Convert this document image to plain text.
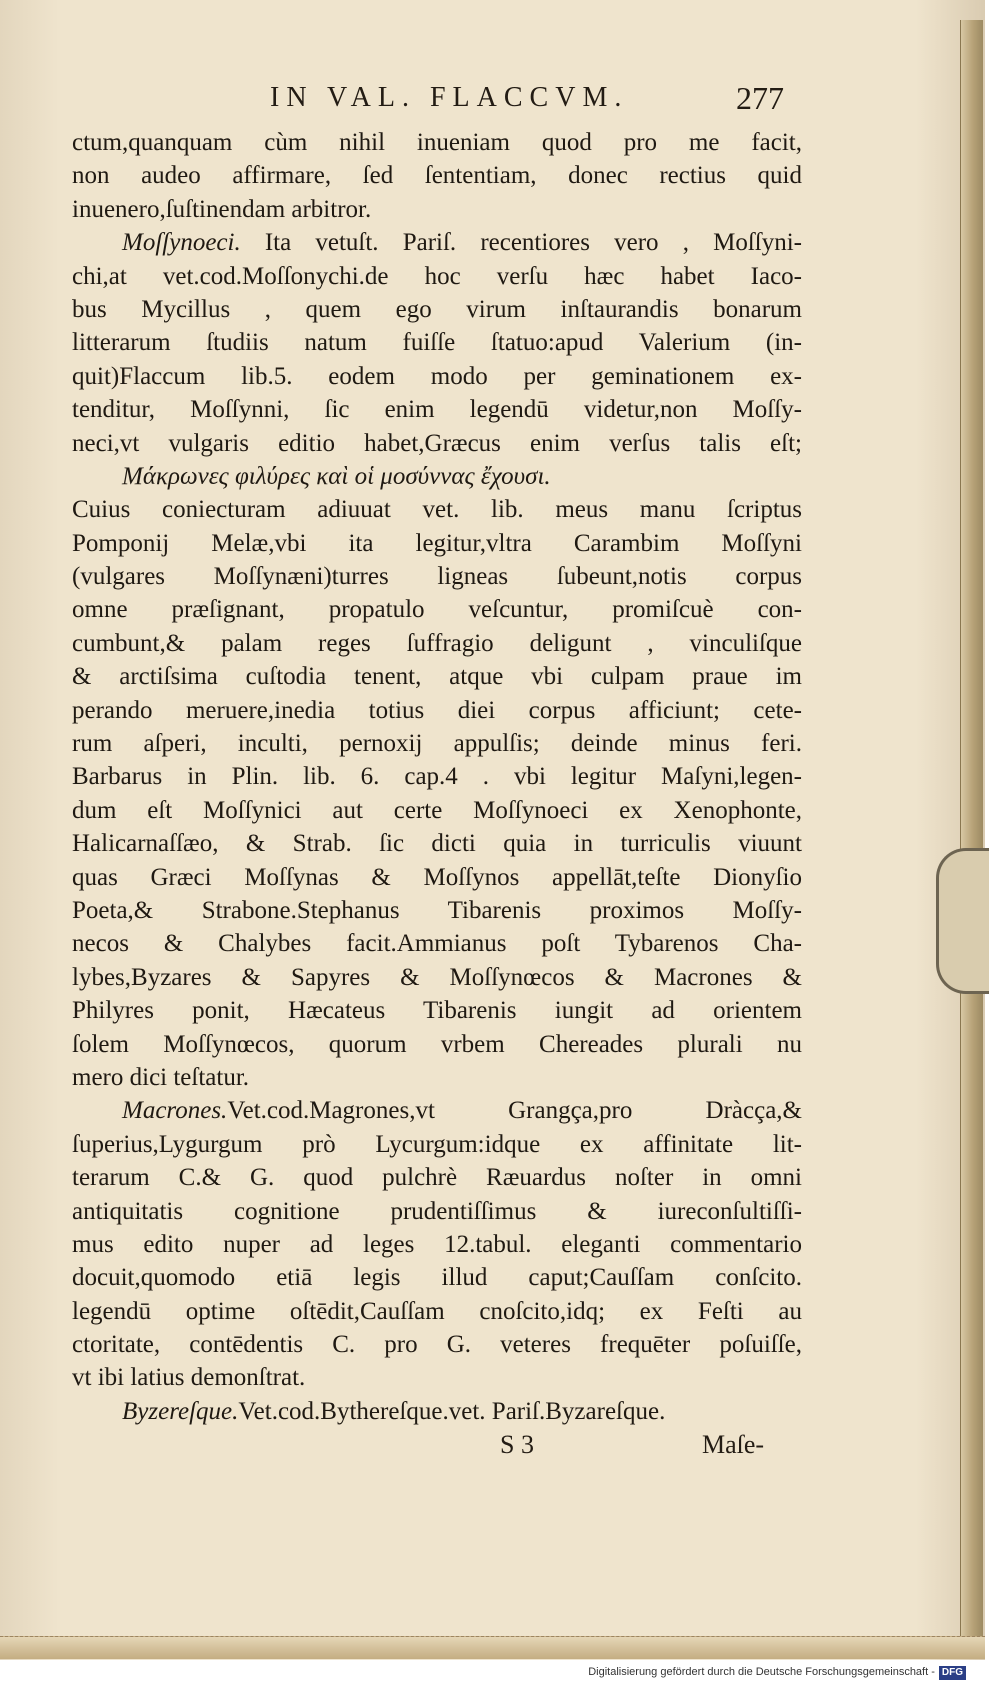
IN VAL. FLACCVM.	277
ctum,quanquam cùm nihil inueniam quod pro me facit,
non audeo affirmare, ſed ſententiam, donec rectius quid
inuenero,ſuſtinendam arbitror.
Moſſynoeci. Ita vetuſt. Pariſ. recentiores vero , Moſſyni-
chi,at vet.cod.Moſſonychi.de hoc verſu hæc habet Iaco-
bus Mycillus , quem ego virum inſtaurandis bonarum
litterarum ſtudiis natum fuiſſe ſtatuo:apud Valerium (in-
quit)Flaccum lib.5. eodem modo per geminationem ex-
tenditur, Moſſynni, ſic enim legendū videtur,non Moſſy-
neci,vt vulgaris editio habet,Græcus enim verſus talis eſt;
Μάκρωνες φιλύρες καὶ οἱ μοσύννας ἔχουσι.
Cuius coniecturam adiuuat vet. lib. meus manu ſcriptus
Pomponij Melæ,vbi ita legitur,vltra Carambim Moſſyni
(vulgares Moſſynæni)turres ligneas ſubeunt,notis corpus
omne præſignant, propatulo veſcuntur, promiſcuè con-
cumbunt,& palam reges ſuffragio deligunt , vinculiſque
& arctiſsima cuſtodia tenent, atque vbi culpam praue im
perando meruere,inedia totius diei corpus afficiunt; cete-
rum aſperi, inculti, pernoxij appulſis; deinde minus feri.
Barbarus in Plin. lib. 6. cap.4 . vbi legitur Maſyni,legen-
dum eſt Moſſynici aut certe Moſſynoeci ex Xenophonte,
Halicarnaſſæo, & Strab. ſic dicti quia in turriculis viuunt
quas Græci Moſſynas & Moſſynos appellāt,teſte Dionyſio
Poeta,& Strabone.Stephanus Tibarenis proximos Moſſy-
necos & Chalybes facit.Ammianus poſt Tybarenos Cha-
lybes,Byzares & Sapyres & Moſſynœcos & Macrones &
Philyres ponit, Hæcateus Tibarenis iungit ad orientem
ſolem Moſſynœcos, quorum vrbem Chereades plurali nu
mero dici teſtatur.
Macrones.Vet.cod.Magrones,vt Grangça,pro Dràcça,&
ſuperius,Lygurgum prò Lycurgum:idque ex affinitate lit-
terarum C.& G. quod pulchrè Ræuardus noſter in omni
antiquitatis cognitione prudentiſſimus & iureconſultiſſi-
mus edito nuper ad leges 12.tabul. eleganti commentario
docuit,quomodo etiā legis illud caput;Cauſſam conſcito.
legendū optime oſtēdit,Cauſſam cnoſcito,idq; ex Feſti au
ctoritate, contēdentis C. pro G. veteres frequēter poſuiſſe,
vt ibi latius demonſtrat.
Byzereſque.Vet.cod.Bythereſque.vet. Pariſ.Byzareſque.
S 3	Maſe-
Digitalisierung gefördert durch die Deutsche Forschungsgemeinschaft - DFG
